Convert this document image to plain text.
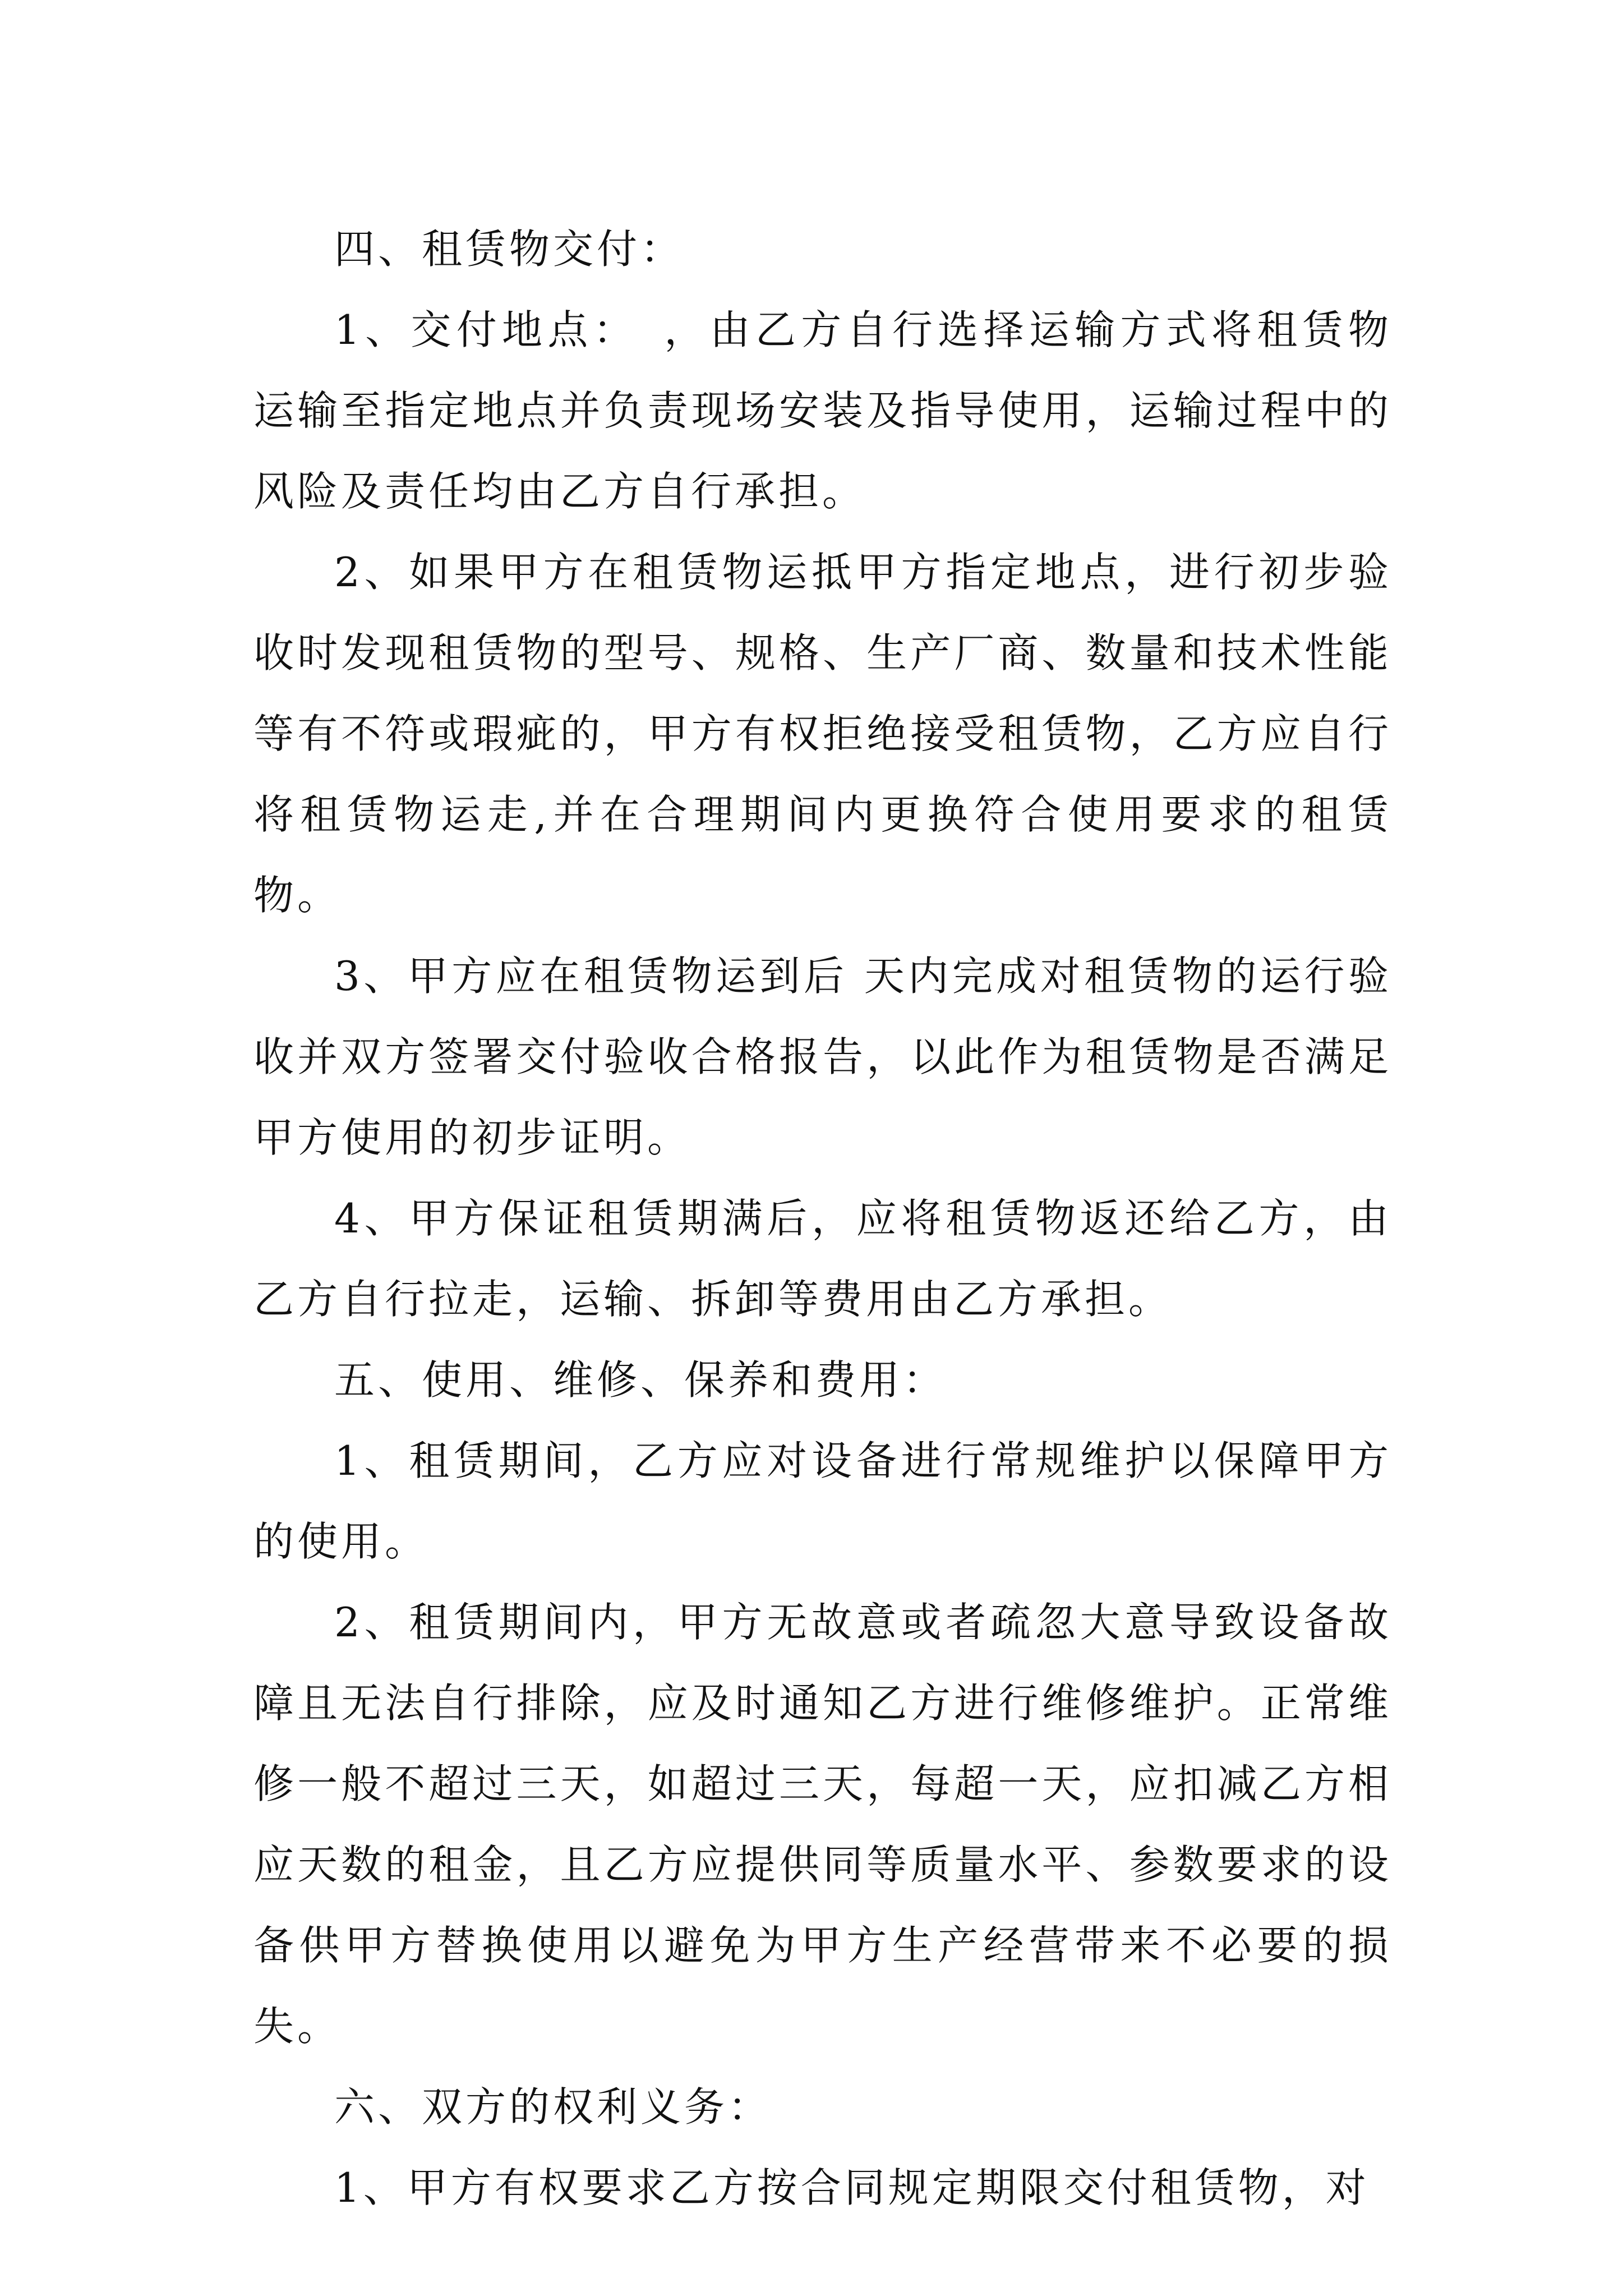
四、租赁物交付：

1、交付地点：　，由乙方自行选择运输方式将租赁物运输至指定地点并负责现场安装及指导使用，运输过程中的风险及责任均由乙方自行承担。

2、如果甲方在租赁物运抵甲方指定地点，进行初步验收时发现租赁物的型号、规格、生产厂商、数量和技术性能等有不符或瑕疵的，甲方有权拒绝接受租赁物，乙方应自行将租赁物运走,并在合理期间内更换符合使用要求的租赁物。

3、甲方应在租赁物运到后 天内完成对租赁物的运行验收并双方签署交付验收合格报告，以此作为租赁物是否满足甲方使用的初步证明。

4、甲方保证租赁期满后，应将租赁物返还给乙方，由乙方自行拉走，运输、拆卸等费用由乙方承担。

五、使用、维修、保养和费用：

1、租赁期间，乙方应对设备进行常规维护以保障甲方的使用。

2、租赁期间内，甲方无故意或者疏忽大意导致设备故障且无法自行排除，应及时通知乙方进行维修维护。正常维修一般不超过三天，如超过三天，每超一天，应扣减乙方相应天数的租金，且乙方应提供同等质量水平、参数要求的设备供甲方替换使用以避免为甲方生产经营带来不必要的损失。

六、双方的权利义务：

1、甲方有权要求乙方按合同规定期限交付租赁物，对
